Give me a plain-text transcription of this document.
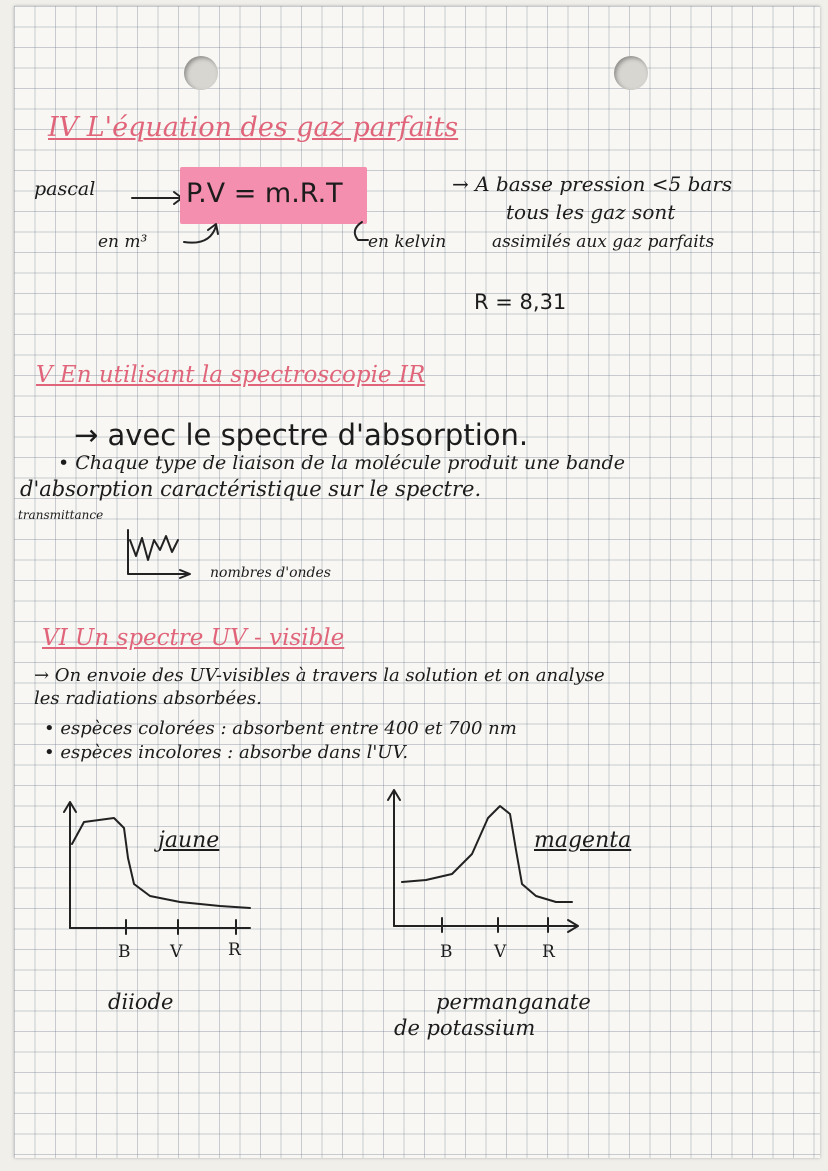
IV L'équation des gaz parfaits
pascal	P.V = m.R.T
en m³	en kelvin
→ A basse pression <5 bars
tous les gaz sont
assimilés aux gaz parfaits
R = 8,31
V En utilisant la spectroscopie IR
→ avec le spectre d'absorption.
• Chaque type de liaison de la molécule produit une bande
d'absorption caractéristique sur le spectre.
transmittance
nombres d'ondes
VI Un spectre UV - visible
→ On envoie des UV-visibles à travers la solution et on analyse
les radiations absorbées.
• espèces colorées : absorbent entre 400 et 700 nm
• espèces incolores : absorbe dans l'UV.
jaune
B V	R
diiode
magenta
B V R
permanganate
de potassium
